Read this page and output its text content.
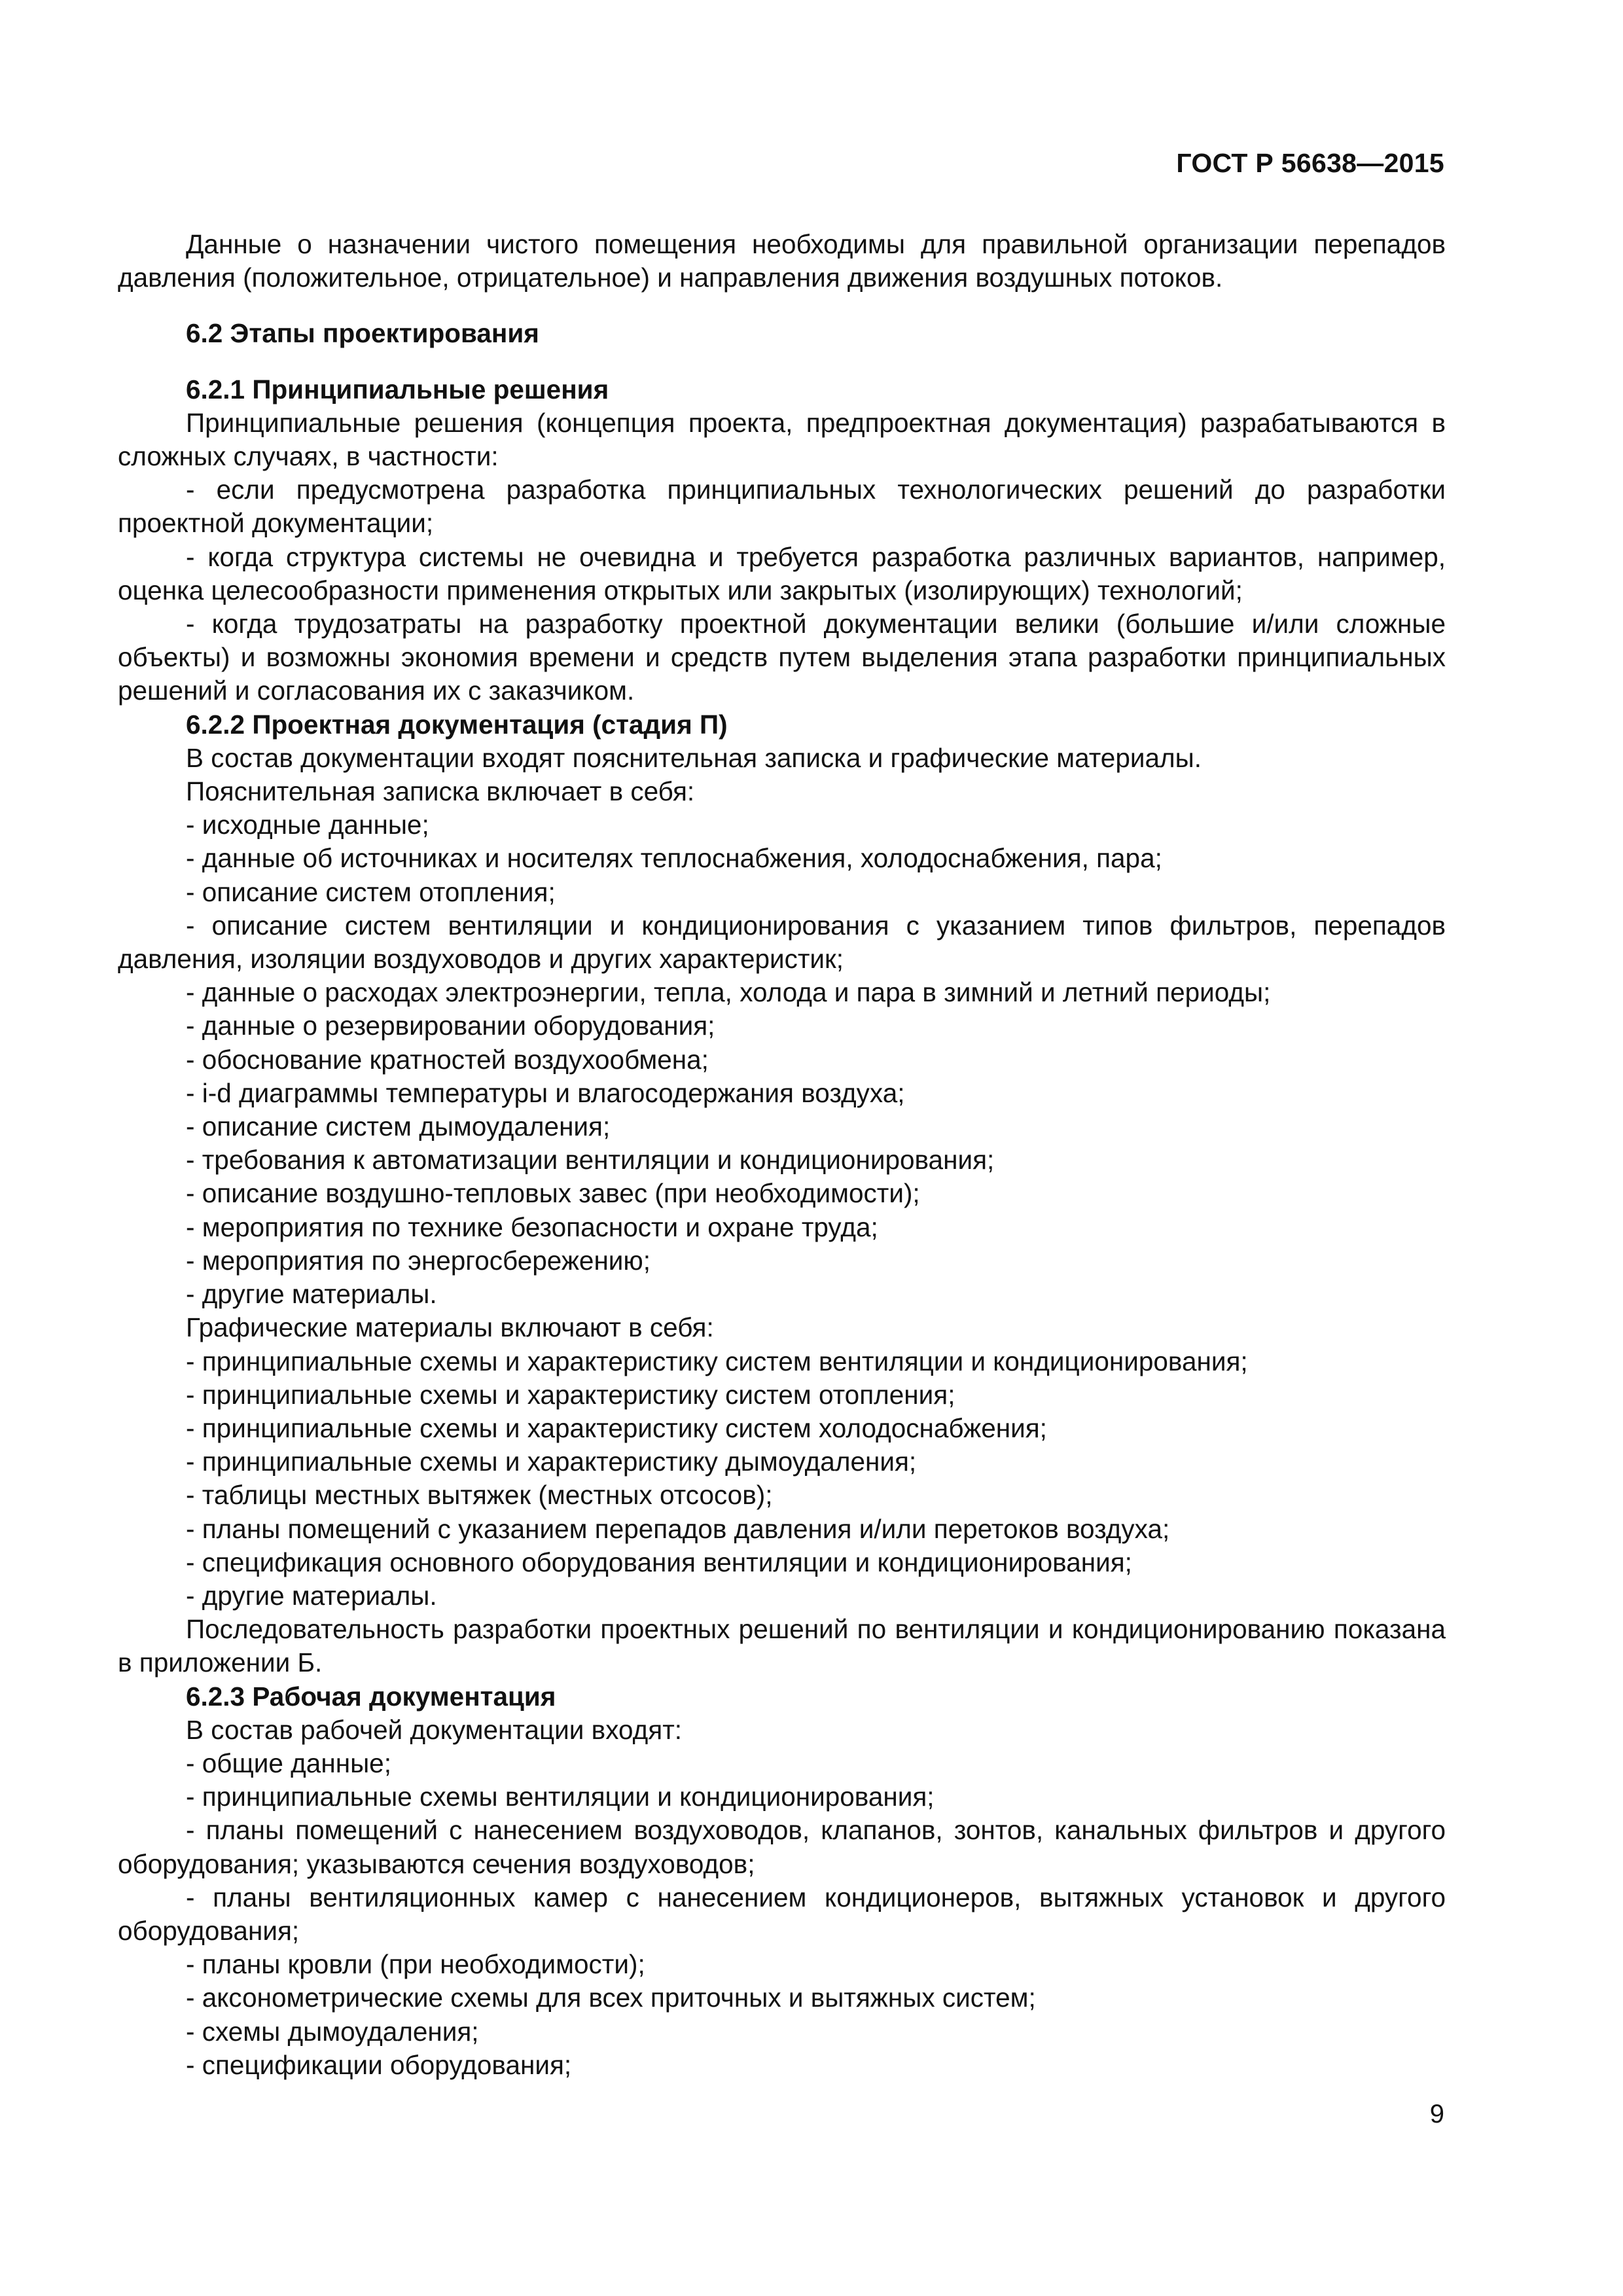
ГОСТ Р 56638—2015

Данные о назначении чистого помещения необходимы для правильной организации перепадов давления (положительное, отрицательное) и направления движения воздушных потоков.

6.2 Этапы проектирования

6.2.1 Принципиальные решения

Принципиальные решения (концепция проекта, предпроектная документация) разрабатываются в сложных случаях, в частности:

- если предусмотрена разработка принципиальных технологических решений до разработки проектной документации;

- когда структура системы не очевидна и требуется разработка различных вариантов, например, оценка целесообразности применения открытых или закрытых (изолирующих) технологий;

- когда трудозатраты на разработку проектной документации велики (большие и/или сложные объекты) и возможны экономия времени и средств путем выделения этапа разработки принципиальных решений и согласования их с заказчиком.

6.2.2 Проектная документация (стадия П)

В состав документации входят пояснительная записка и графические материалы.

Пояснительная записка включает в себя:

- исходные данные;

- данные об источниках и носителях теплоснабжения, холодоснабжения, пара;

- описание систем отопления;

- описание систем вентиляции и кондиционирования с указанием типов фильтров, перепадов давления, изоляции воздуховодов и других характеристик;

- данные о расходах электроэнергии, тепла, холода и пара в зимний и летний периоды;

- данные о резервировании оборудования;

- обоснование кратностей воздухообмена;

- i-d диаграммы температуры и влагосодержания воздуха;

- описание систем дымоудаления;

- требования к автоматизации вентиляции и кондиционирования;

- описание воздушно-тепловых завес (при необходимости);

- мероприятия по технике безопасности и охране труда;

- мероприятия по энергосбережению;

- другие материалы.

Графические материалы включают в себя:

- принципиальные схемы и характеристику систем вентиляции и кондиционирования;

- принципиальные схемы и характеристику систем отопления;

- принципиальные схемы и характеристику систем холодоснабжения;

- принципиальные схемы и характеристику дымоудаления;

- таблицы местных вытяжек (местных отсосов);

- планы помещений с указанием перепадов давления и/или перетоков воздуха;

- спецификация основного оборудования вентиляции и кондиционирования;

- другие материалы.

Последовательность разработки проектных решений по вентиляции и кондиционированию показана в приложении Б.

6.2.3 Рабочая документация

В состав рабочей документации входят:

- общие данные;

- принципиальные схемы вентиляции и кондиционирования;

- планы помещений с нанесением воздуховодов, клапанов, зонтов, канальных фильтров и другого оборудования; указываются сечения воздуховодов;

- планы вентиляционных камер с нанесением кондиционеров, вытяжных установок и другого оборудования;

- планы кровли (при необходимости);

- аксонометрические схемы для всех приточных и вытяжных систем;

- схемы дымоудаления;

- спецификации оборудования;

9
